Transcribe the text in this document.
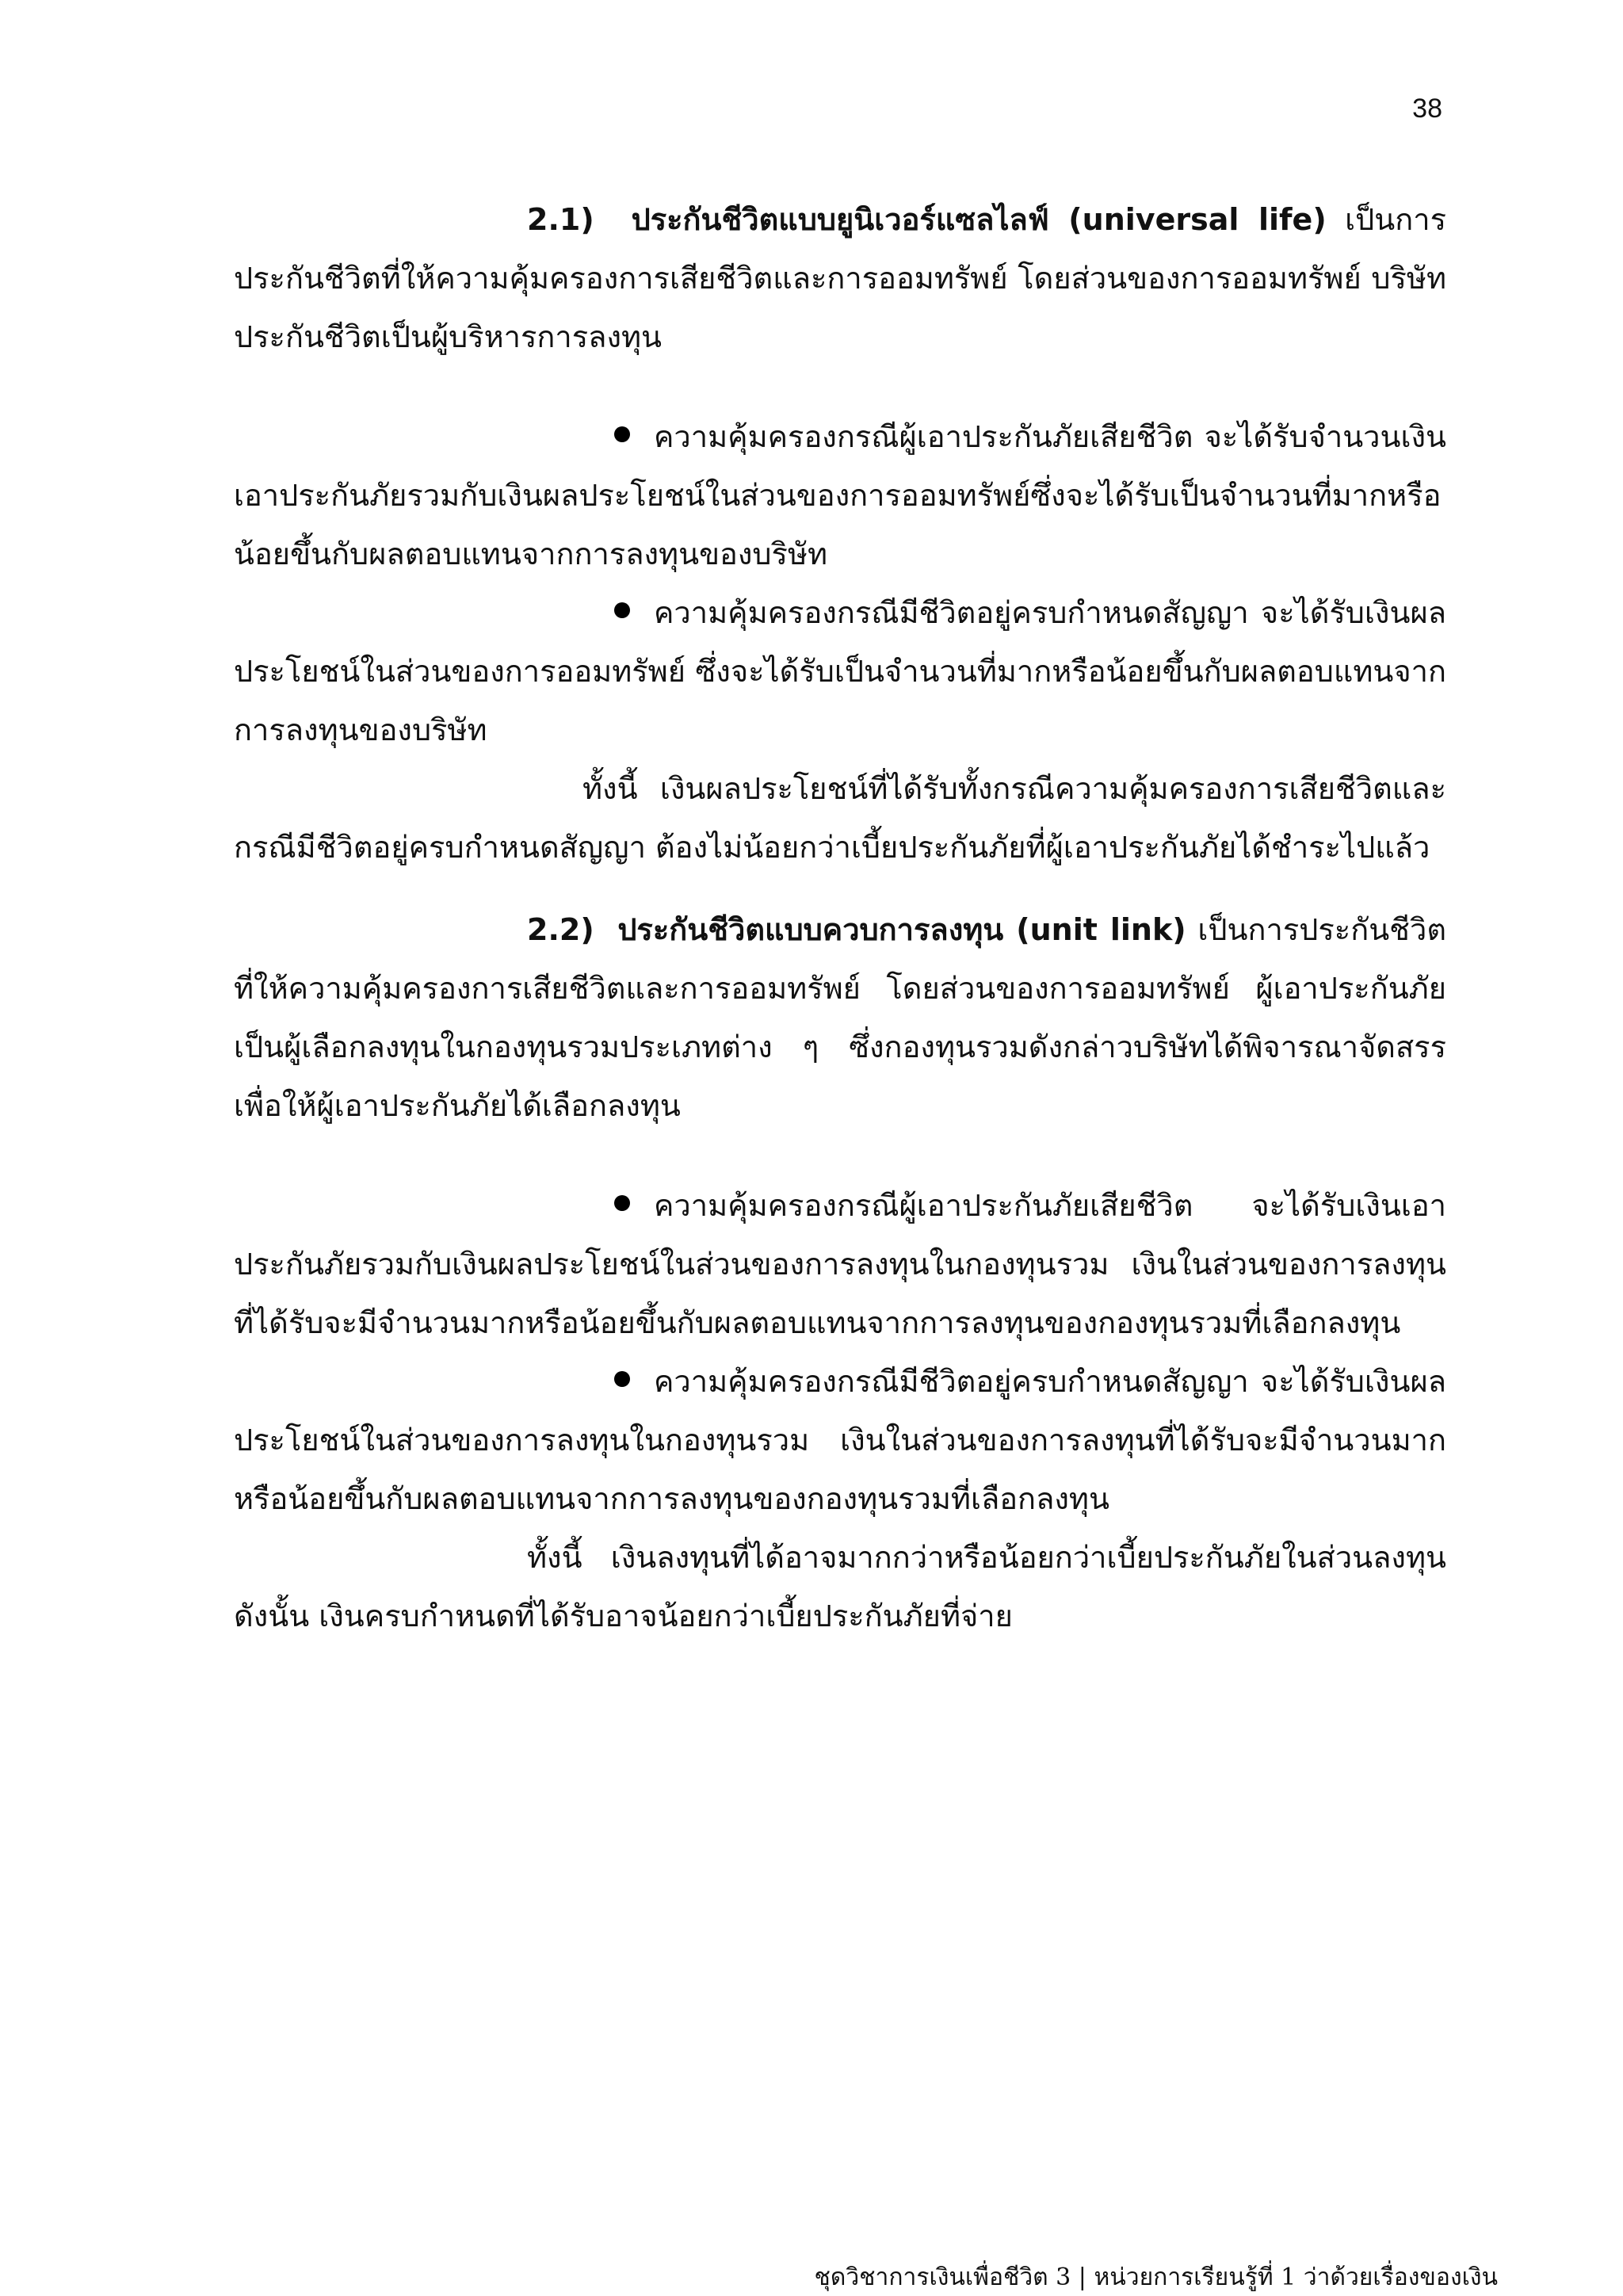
38

2.1) ประกันชีวิตแบบยูนิเวอร์แซลไลฟ์ (universal life) เป็นการประกันชีวิตที่ให้ความคุ้มครองการเสียชีวิตและการออมทรัพย์ โดยส่วนของการออมทรัพย์ บริษัทประกันชีวิตเป็นผู้บริหารการลงทุน

ความคุ้มครองกรณีผู้เอาประกันภัยเสียชีวิต จะได้รับจำนวนเงินเอาประกันภัยรวมกับเงินผลประโยชน์ในส่วนของการออมทรัพย์ซึ่งจะได้รับเป็นจำนวนที่มากหรือน้อยขึ้นกับผลตอบแทนจากการลงทุนของบริษัท

ความคุ้มครองกรณีมีชีวิตอยู่ครบกำหนดสัญญา จะได้รับเงินผลประโยชน์ในส่วนของการออมทรัพย์ ซึ่งจะได้รับเป็นจำนวนที่มากหรือน้อยขึ้นกับผลตอบแทนจากการลงทุนของบริษัท

ทั้งนี้ เงินผลประโยชน์ที่ได้รับทั้งกรณีความคุ้มครองการเสียชีวิตและกรณีมีชีวิตอยู่ครบกำหนดสัญญา ต้องไม่น้อยกว่าเบี้ยประกันภัยที่ผู้เอาประกันภัยได้ชำระไปแล้ว

2.2) ประกันชีวิตแบบควบการลงทุน (unit link) เป็นการประกันชีวิตที่ให้ความคุ้มครองการเสียชีวิตและการออมทรัพย์ โดยส่วนของการออมทรัพย์ ผู้เอาประกันภัยเป็นผู้เลือกลงทุนในกองทุนรวมประเภทต่าง ๆ ซึ่งกองทุนรวมดังกล่าวบริษัทได้พิจารณาจัดสรรเพื่อให้ผู้เอาประกันภัยได้เลือกลงทุน

ความคุ้มครองกรณีผู้เอาประกันภัยเสียชีวิต จะได้รับเงินเอาประกันภัยรวมกับเงินผลประโยชน์ในส่วนของการลงทุนในกองทุนรวม เงินในส่วนของการลงทุนที่ได้รับจะมีจำนวนมากหรือน้อยขึ้นกับผลตอบแทนจากการลงทุนของกองทุนรวมที่เลือกลงทุน

ความคุ้มครองกรณีมีชีวิตอยู่ครบกำหนดสัญญา จะได้รับเงินผลประโยชน์ในส่วนของการลงทุนในกองทุนรวม เงินในส่วนของการลงทุนที่ได้รับจะมีจำนวนมากหรือน้อยขึ้นกับผลตอบแทนจากการลงทุนของกองทุนรวมที่เลือกลงทุน

ทั้งนี้ เงินลงทุนที่ได้อาจมากกว่าหรือน้อยกว่าเบี้ยประกันภัยในส่วนลงทุน ดังนั้น เงินครบกำหนดที่ได้รับอาจน้อยกว่าเบี้ยประกันภัยที่จ่าย

ชุดวิชาการเงินเพื่อชีวิต 3 | หน่วยการเรียนรู้ที่ 1 ว่าด้วยเรื่องของเงิน
